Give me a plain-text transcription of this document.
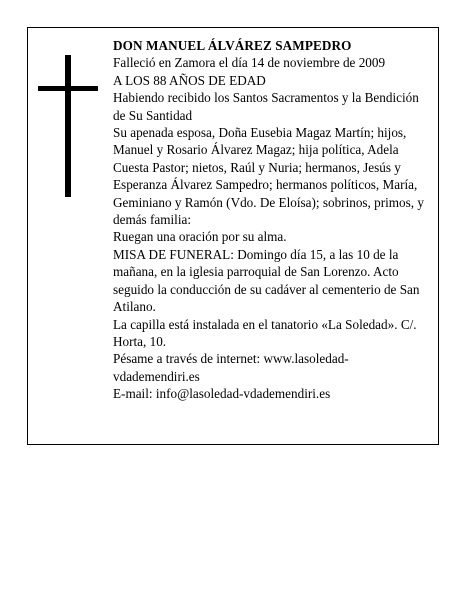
DON MANUEL ÁLVÁREZ SAMPEDRO

Falleció en Zamora el día 14 de noviembre de 2009

A LOS 88 AÑOS DE EDAD

Habiendo recibido los Santos Sacramentos y la Bendición de Su Santidad

Su apenada esposa, Doña Eusebia Magaz Martín; hijos, Manuel y Rosario Álvarez Magaz; hija política, Adela Cuesta Pastor; nietos, Raúl y Nuria; hermanos, Jesús y Esperanza Álvarez Sampedro; hermanos políticos, María, Geminiano y Ramón (Vdo. De Eloísa); sobrinos, primos, y demás familia:

Ruegan una oración por su alma.

MISA DE FUNERAL: Domingo día 15, a las 10 de la mañana, en la iglesia parroquial de San Lorenzo. Acto seguido la conducción de su cadáver al cementerio de San Atilano.

La capilla está instalada en el tanatorio «La Soledad». C/. Horta, 10.

Pésame a través de internet: www.lasoledad-vdademendiri.es

E-mail: info@lasoledad-vdademendiri.es
